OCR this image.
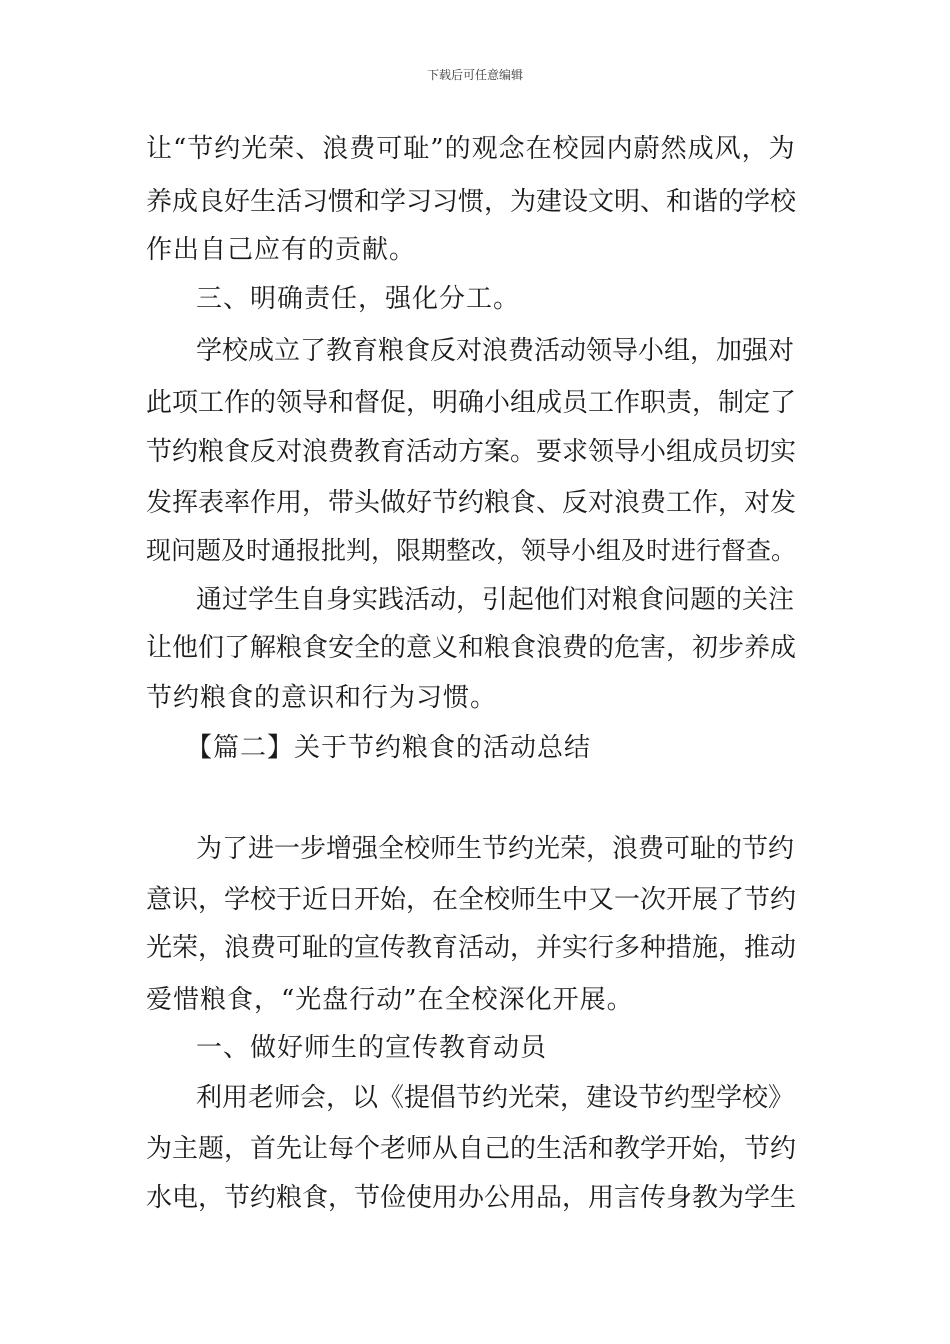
下载后可任意编辑
让“节约光荣、浪费可耻”的观念在校园内蔚然成风，为
养成良好生活习惯和学习习惯，为建设文明、和谐的学校
作出自己应有的贡献。
三、明确责任，强化分工。
学校成立了教育粮食反对浪费活动领导小组，加强对
此项工作的领导和督促，明确小组成员工作职责，制定了
节约粮食反对浪费教育活动方案。要求领导小组成员切实
发挥表率作用，带头做好节约粮食、反对浪费工作，对发
现问题及时通报批判，限期整改，领导小组及时进行督查。
通过学生自身实践活动，引起他们对粮食问题的关注
让他们了解粮食安全的意义和粮食浪费的危害，初步养成
节约粮食的意识和行为习惯。
【篇二】关于节约粮食的活动总结
为了进一步增强全校师生节约光荣，浪费可耻的节约
意识，学校于近日开始，在全校师生中又一次开展了节约
光荣，浪费可耻的宣传教育活动，并实行多种措施，推动
爱惜粮食，“光盘行动”在全校深化开展。
一、做好师生的宣传教育动员
利用老师会，以《提倡节约光荣，建设节约型学校》
为主题，首先让每个老师从自己的生活和教学开始，节约
水电，节约粮食，节俭使用办公用品，用言传身教为学生
